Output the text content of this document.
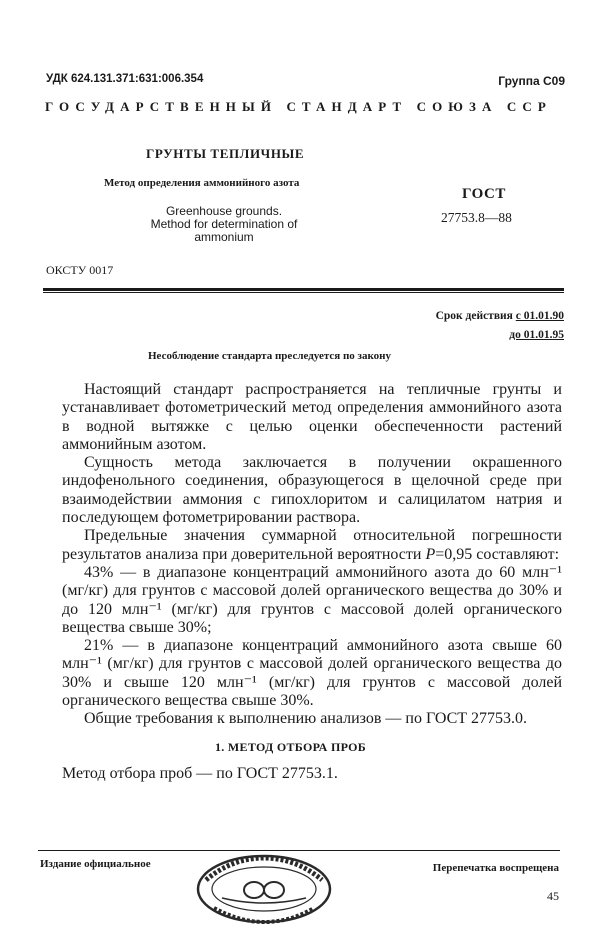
УДК 624.131.371:631:006.354	Группа С09
ГОСУДАРСТВЕННЫЙ СТАНДАРТ СОЮЗА ССР
ГРУНТЫ ТЕПЛИЧНЫЕ
Метод определения аммонийного азота
Greenhouse grounds. Method for determination of ammonium
ГОСТ
27753.8—88
ОКСТУ 0017
Срок действия с 01.01.90
до 01.01.95
Несоблюдение стандарта преследуется по закону

Настоящий стандарт распространяется на тепличные грунты и устанавливает фотометрический метод определения аммонийного азота в водной вытяжке с целью оценки обеспеченности растений аммонийным азотом.

Сущность метода заключается в получении окрашенного индофенольного соединения, образующегося в щелочной среде при взаимодействии аммония с гипохлоритом и салицилатом натрия и последующем фотометрировании раствора.

Предельные значения суммарной относительной погрешности результатов анализа при доверительной вероятности P=0,95 составляют:

43% — в диапазоне концентраций аммонийного азота до 60 млн⁻¹ (мг/кг) для грунтов с массовой долей органического вещества до 30% и до 120 млн⁻¹ (мг/кг) для грунтов с массовой долей органического вещества свыше 30%;

21% — в диапазоне концентраций аммонийного азота свыше 60 млн⁻¹ (мг/кг) для грунтов с массовой долей органического вещества до 30% и свыше 120 млн⁻¹ (мг/кг) для грунтов с массовой долей органического вещества свыше 30%.

Общие требования к выполнению анализов — по ГОСТ 27753.0.

1. МЕТОД ОТБОРА ПРОБ
Метод отбора проб — по ГОСТ 27753.1.
Издание официальное	Перепечатка воспрещена
45
